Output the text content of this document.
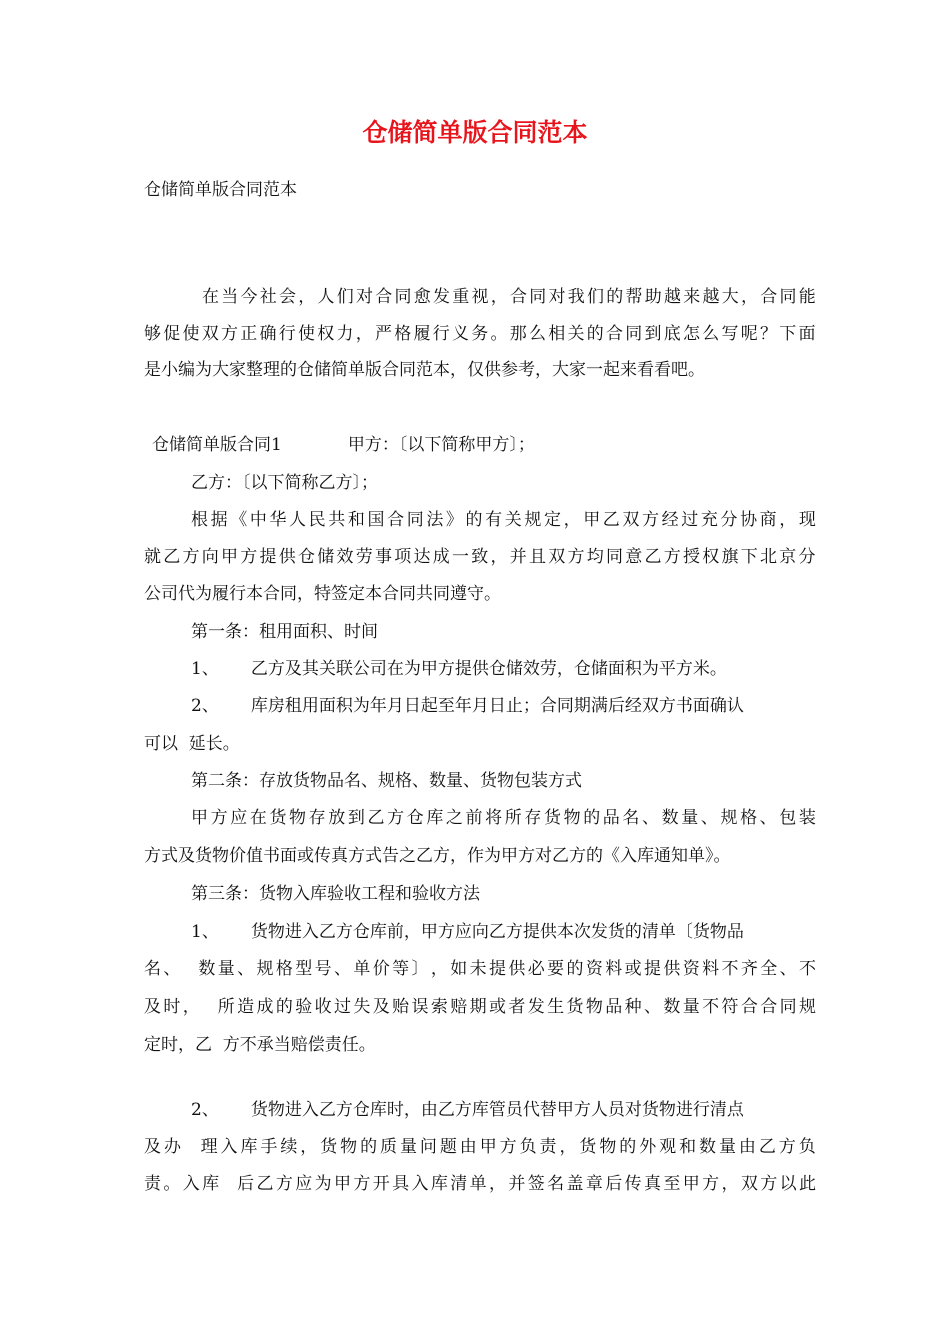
仓储简单版合同范本
仓储简单版合同范本
在 当 今 社 会 ， 人 们 对 合 同 愈 发 重 视 ， 合 同 对 我 们 的 帮 助 越 来 越 大 ， 合 同 能
够 促 使 双 方 正 确 行 使 权 力 ， 严 格 履 行 义 务 。 那 么 相 关 的 合 同 到 底 怎 么 写 呢 ？ 下 面
是小编为大家整理的仓储简单版合同范本，仅供参考，大家一起来看看吧。
仓储简单版合同1	甲方：〔以下简称甲方〕；
乙方：〔以下简称乙方〕；
根 据 《 中 华 人 民 共 和 国 合 同 法 》 的 有 关 规 定 ， 甲 乙 双 方 经 过 充 分 协 商 ， 现
就 乙 方 向 甲 方 提 供 仓 储 效 劳 事 项 达 成 一 致 ， 并 且 双 方 均 同 意 乙 方 授 权 旗 下 北 京 分
公司代为履行本合同，特签定本合同共同遵守。
第一条：租用面积、时间
1、 乙方及其关联公司在为甲方提供仓储效劳，仓储面积为平方米。
2、 库房租用面积为年月日起至年月日止；合同期满后经双方书面确认
可以  延长。
第二条：存放货物品名、规格、数量、货物包装方式
甲 方 应 在 货 物 存 放 到 乙 方 仓 库 之 前 将 所 存 货 物 的 品 名 、 数 量 、 规 格 、 包 装
方式及货物价值书面或传真方式告之乙方，作为甲方对乙方的《入库通知单》。
第三条：货物入库验收工程和验收方法
1、 货物进入乙方仓库前，甲方应向乙方提供本次发货的清单〔货物品
名 、

数 量 、 规 格 型 号 、 单 价 等 〕 ， 如 未 提 供 必 要 的 资 料 或 提 供 资 料 不 齐 全 、 不
及 时 ，

所 造 成 的 验 收 过 失 及 贻 误 索 赔 期 或 者 发 生 货 物 品 种 、 数 量 不 符 合 合 同 规
定时，乙  方不承当赔偿责任。
2、 货物进入乙方仓库时，由乙方库管员代替甲方人员对货物进行清点
及 办

理 入 库 手 续 ， 货 物 的 质 量 问 题 由 甲 方 负 责 ， 货 物 的 外 观 和 数 量 由 乙 方 负
责 。 入 库

后 乙 方 应 为 甲 方 开 具 入 库 清 单 ， 并 签 名 盖 章 后 传 真 至 甲 方 ， 双 方 以 此
